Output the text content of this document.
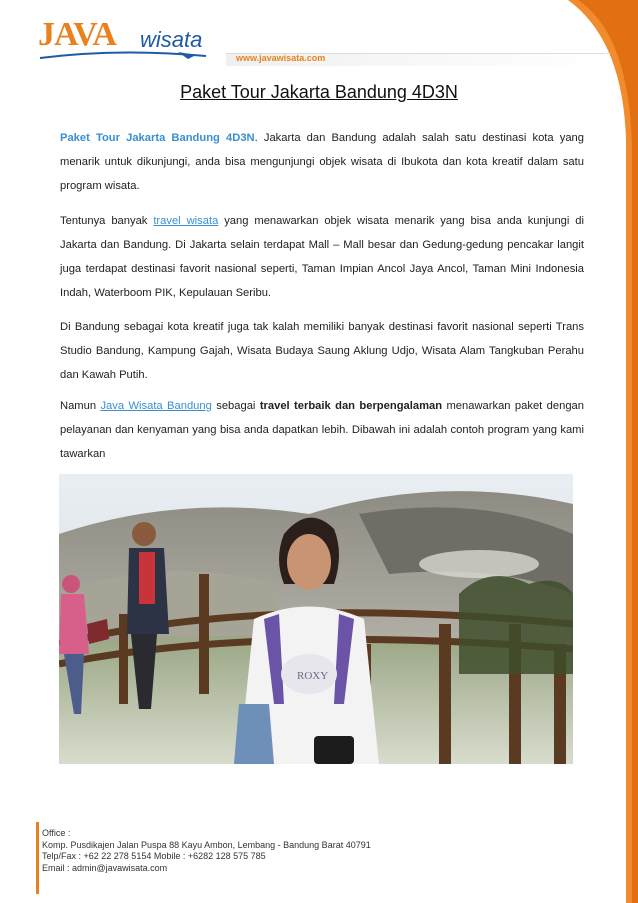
JAVA wisata
www.javawisata.com
Paket Tour Jakarta Bandung 4D3N
Paket Tour Jakarta Bandung 4D3N. Jakarta dan Bandung adalah salah satu destinasi kota yang menarik untuk dikunjungi, anda bisa mengunjungi objek wisata di Ibukota dan kota kreatif dalam satu program wisata.
Tentunya banyak travel wisata yang menawarkan objek wisata menarik yang bisa anda kunjungi di Jakarta dan Bandung. Di Jakarta selain terdapat Mall – Mall besar dan Gedung-gedung pencakar langit juga terdapat destinasi favorit nasional seperti, Taman Impian Ancol Jaya Ancol, Taman Mini Indonesia Indah, Waterboom PIK, Kepulauan Seribu.
Di Bandung sebagai kota kreatif juga tak kalah memiliki banyak destinasi favorit nasional seperti Trans Studio Bandung, Kampung Gajah, Wisata Budaya Saung Aklung Udjo, Wisata Alam Tangkuban Perahu dan Kawah Putih.
Namun Java Wisata Bandung sebagai travel terbaik dan berpengalaman menawarkan paket dengan pelayanan dan kenyaman yang bisa anda dapatkan lebih. Dibawah ini adalah contoh program yang kami tawarkan
ROXY
Office :
Komp. Pusdikajen Jalan Puspa 88 Kayu Ambon, Lembang - Bandung Barat 40791
Telp/Fax : +62 22 278 5154 Mobile : +6282 128 575 785
Email : admin@javawisata.com
